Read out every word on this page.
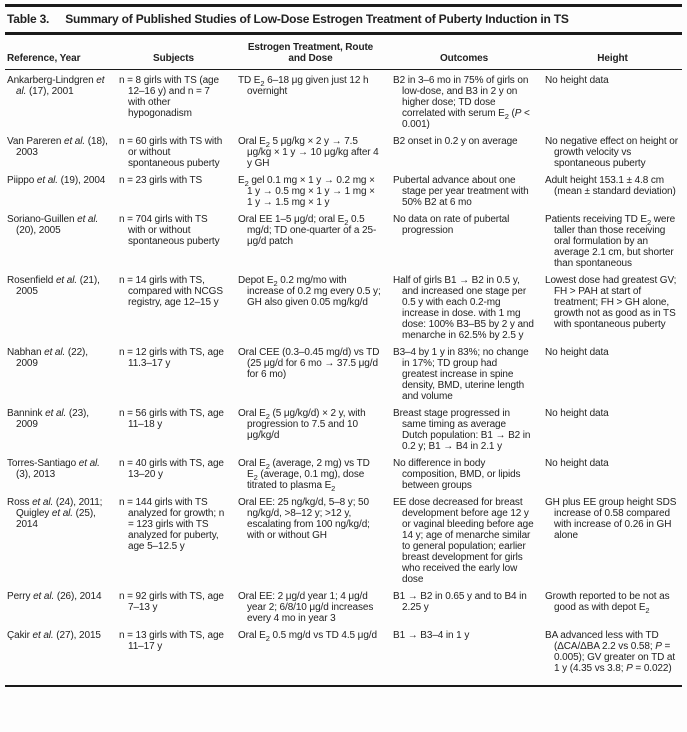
Table 3. Summary of Published Studies of Low-Dose Estrogen Treatment of Puberty Induction in TS
Reference, Year	Subjects	Estrogen Treatment, Route and Dose	Outcomes	Height

Ankarberg-Lindgren et al. (17), 2001	n = 8 girls with TS (age 12–16 y) and n = 7 with other hypogonadism	TD $E_2$ 6–18 μg given just 12 h overnight	B2 in 3–6 mo in 75% of girls on low-dose, and B3 in 2 y on higher dose; TD dose correlated with serum $E_2$ (P < 0.001)	No height data

Van Pareren et al. (18), 2003	n = 60 girls with TS with or without spontaneous puberty	Oral $E_2$ 5 μg/kg × 2 y → 7.5 μg/kg × 1 y → 10 μg/kg after 4 y GH	B2 onset in 0.2 y on average	No negative effect on height or growth velocity vs spontaneous puberty

Piippo et al. (19), 2004	n = 23 girls with TS	$E_2$ gel 0.1 mg × 1 y → 0.2 mg × 1 y → 0.5 mg × 1 y → 1 mg × 1 y → 1.5 mg × 1 y	Pubertal advance about one stage per year treatment with 50% B2 at 6 mo	Adult height 153.1 ± 4.8 cm (mean ± standard deviation)

Soriano-Guillen et al. (20), 2005	n = 704 girls with TS with or without spontaneous puberty	Oral EE 1–5 μg/d; oral $E_2$ 0.5 mg/d; TD one-quarter of a 25-μg/d patch	No data on rate of pubertal progression	Patients receiving TD $E_2$ were taller than those receiving oral formulation by an average 2.1 cm, but shorter than spontaneous

Rosenfield et al. (21), 2005	n = 14 girls with TS, compared with NCGS registry, age 12–15 y	Depot $E_2$ 0.2 mg/mo with increase of 0.2 mg every 0.5 y; GH also given 0.05 mg/kg/d	Half of girls B1 → B2 in 0.5 y, and increased one stage per 0.5 y with each 0.2-mg increase in dose. with 1 mg dose: 100% B3–B5 by 2 y and menarche in 62.5% by 2.5 y	Lowest dose had greatest GV; FH > PAH at start of treatment; FH > GH alone, growth not as good as in TS with spontaneous puberty

Nabhan et al. (22), 2009	n = 12 girls with TS, age 11.3–17 y	Oral CEE (0.3–0.45 mg/d) vs TD (25 μg/d for 6 mo → 37.5 μg/d for 6 mo)	B3–4 by 1 y in 83%; no change in 17%; TD group had greatest increase in spine density, BMD, uterine length and volume	No height data

Bannink et al. (23), 2009	n = 56 girls with TS, age 11–18 y	Oral $E_2$ (5 μg/kg/d) × 2 y, with progression to 7.5 and 10 μg/kg/d	Breast stage progressed in same timing as average Dutch population: B1 → B2 in 0.2 y; B1 → B4 in 2.1 y	No height data

Torres-Santiago et al. (3), 2013	n = 40 girls with TS, age 13–20 y	Oral $E_2$ (average, 2 mg) vs TD $E_2$ (average, 0.1 mg), dose titrated to plasma $E_2$	No difference in body composition, BMD, or lipids between groups	No height data

Ross et al. (24), 2011; Quigley et al. (25), 2014	n = 144 girls with TS analyzed for growth; n = 123 girls with TS analyzed for puberty, age 5–12.5 y	Oral EE: 25 ng/kg/d, 5–8 y; 50 ng/kg/d, >8–12 y; >12 y, escalating from 100 ng/kg/d; with or without GH	EE dose decreased for breast development before age 12 y or vaginal bleeding before age 14 y; age of menarche similar to general population; earlier breast development for girls who received the early low dose	GH plus EE group height SDS increase of 0.58 compared with increase of 0.26 in GH alone

Perry et al. (26), 2014	n = 92 girls with TS, age 7–13 y	Oral EE: 2 μg/d year 1; 4 μg/d year 2; 6/8/10 μg/d increases every 4 mo in year 3	B1 → B2 in 0.65 y and to B4 in 2.25 y	Growth reported to be not as good as with depot $E_2$

Çakir et al. (27), 2015	n = 13 girls with TS, age 11–17 y	Oral $E_2$ 0.5 mg/d vs TD 4.5 μg/d	B1 → B3–4 in 1 y	BA advanced less with TD (ΔCA/ΔBA 2.2 vs 0.58; P = 0.005); GV greater on TD at 1 y (4.35 vs 3.8; P = 0.022)
